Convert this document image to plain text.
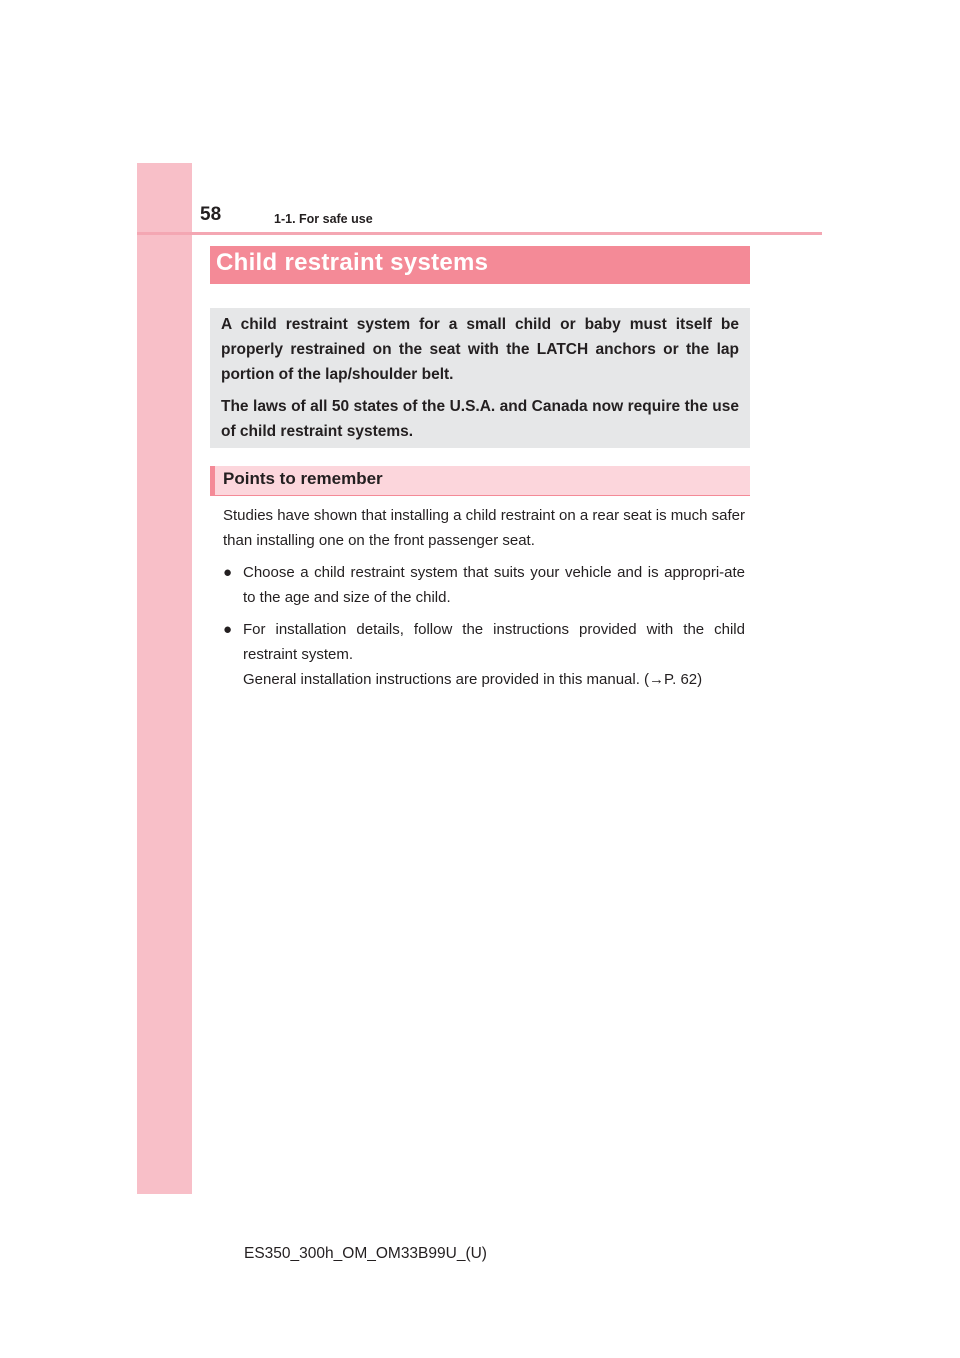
58	1-1. For safe use
Child restraint systems

A child restraint system for a small child or baby must itself be properly restrained on the seat with the LATCH anchors or the lap portion of the lap/shoulder belt.

The laws of all 50 states of the U.S.A. and Canada now require the use of child restraint systems.

Points to remember

Studies have shown that installing a child restraint on a rear seat is much safer than installing one on the front passenger seat.

● Choose a child restraint system that suits your vehicle and is appropri-ate to the age and size of the child.

● For installation details, follow the instructions provided with the child restraint system.

General installation instructions are provided in this manual. (→P. 62)

ES350_300h_OM_OM33B99U_(U)
